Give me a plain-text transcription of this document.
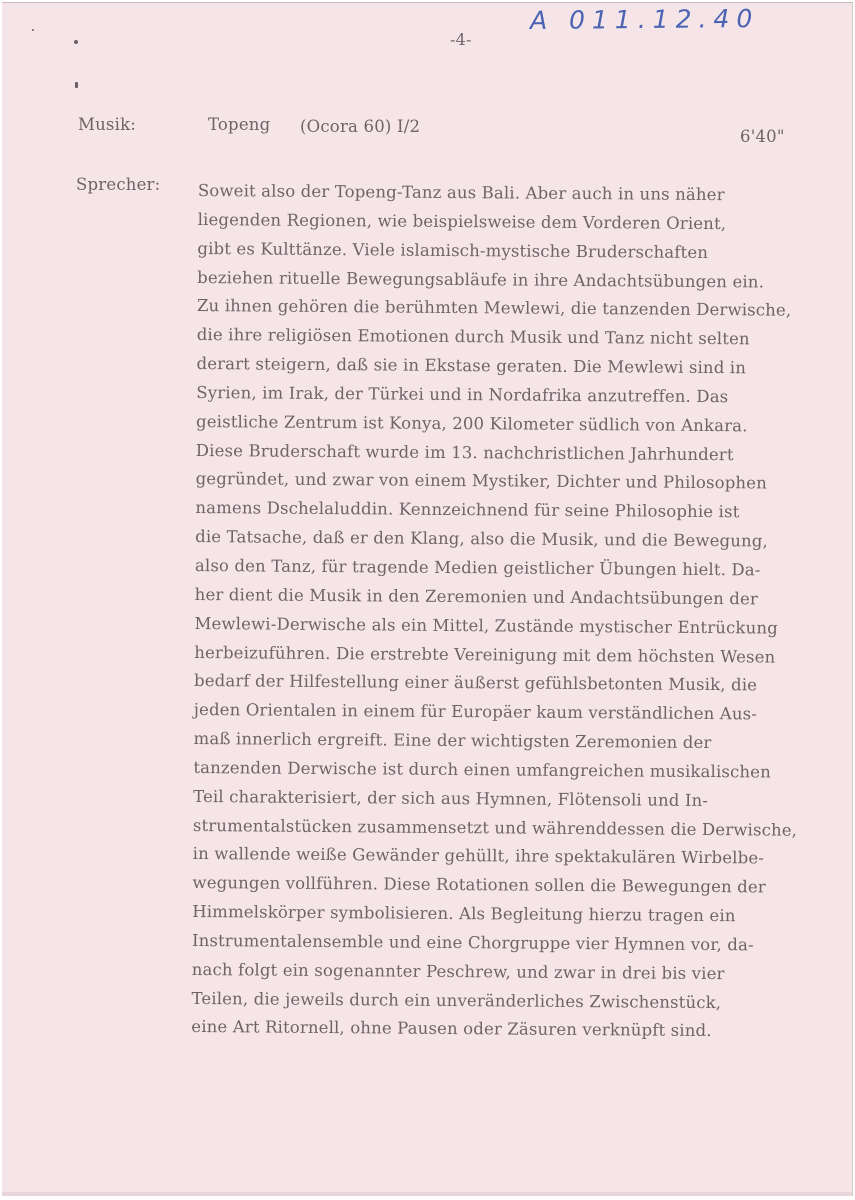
-4-
A 011.12.40
Musik:	Topeng (Ocora 60) I/2
6'40"
Sprecher: Soweit also der Topeng-Tanz aus Bali. Aber auch in uns näher
liegenden Regionen, wie beispielsweise dem Vorderen Orient,
gibt es Kulttänze. Viele islamisch-mystische Bruderschaften
beziehen rituelle Bewegungsabläufe in ihre Andachtsübungen ein.
Zu ihnen gehören die berühmten Mewlewi, die tanzenden Derwische,
die ihre religiösen Emotionen durch Musik und Tanz nicht selten
derart steigern, daß sie in Ekstase geraten. Die Mewlewi sind in
Syrien, im Irak, der Türkei und in Nordafrika anzutreffen. Das
geistliche Zentrum ist Konya, 200 Kilometer südlich von Ankara.
Diese Bruderschaft wurde im 13. nachchristlichen Jahrhundert
gegründet, und zwar von einem Mystiker, Dichter und Philosophen
namens Dschelaluddin. Kennzeichnend für seine Philosophie ist
die Tatsache, daß er den Klang, also die Musik, und die Bewegung,
also den Tanz, für tragende Medien geistlicher Übungen hielt. Da-
her dient die Musik in den Zeremonien und Andachtsübungen der
Mewlewi-Derwische als ein Mittel, Zustände mystischer Entrückung
herbeizuführen. Die erstrebte Vereinigung mit dem höchsten Wesen
bedarf der Hilfestellung einer äußerst gefühlsbetonten Musik, die
jeden Orientalen in einem für Europäer kaum verständlichen Aus-
maß innerlich ergreift. Eine der wichtigsten Zeremonien der
tanzenden Derwische ist durch einen umfangreichen musikalischen
Teil charakterisiert, der sich aus Hymnen, Flötensoli und In-
strumentalstücken zusammensetzt und währenddessen die Derwische,
in wallende weiße Gewänder gehüllt, ihre spektakulären Wirbelbe-
wegungen vollführen. Diese Rotationen sollen die Bewegungen der
Himmelskörper symbolisieren. Als Begleitung hierzu tragen ein
Instrumentalensemble und eine Chorgruppe vier Hymnen vor, da-
nach folgt ein sogenannter Peschrew, und zwar in drei bis vier
Teilen, die jeweils durch ein unveränderliches Zwischenstück,
eine Art Ritornell, ohne Pausen oder Zäsuren verknüpft sind.
